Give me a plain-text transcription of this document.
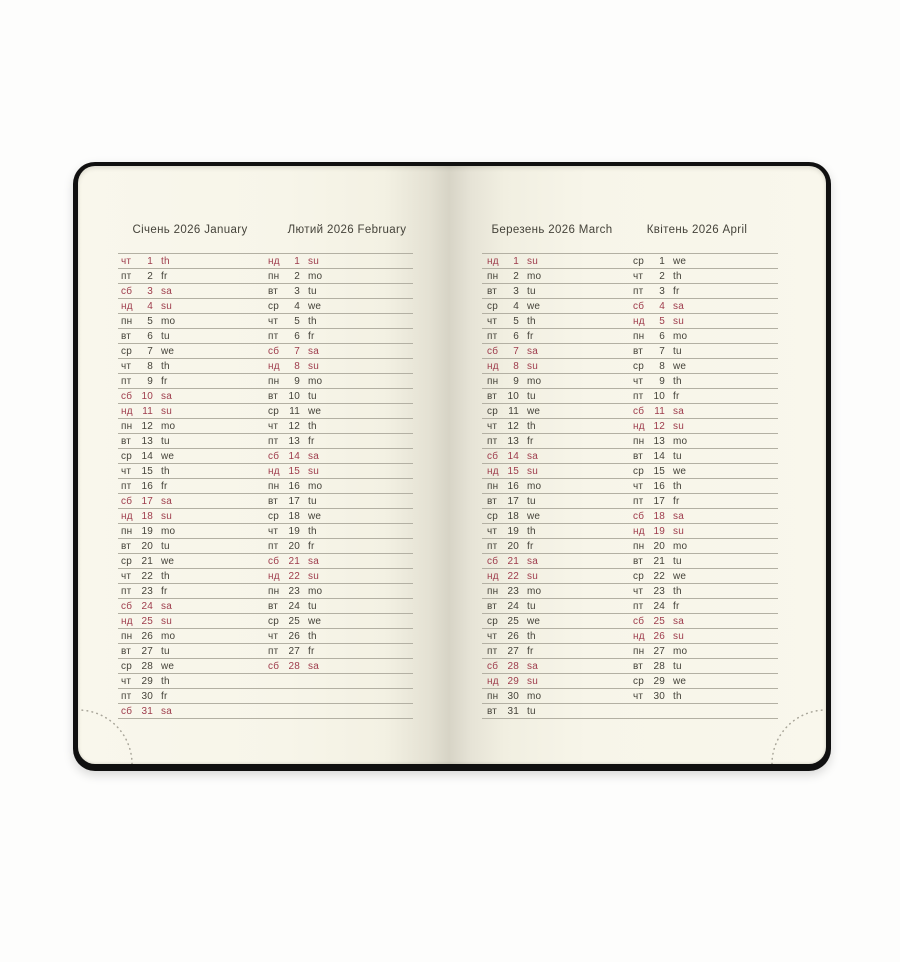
Січень 2026 January	Лютий 2026 February	Березень 2026 March	Квітень 2026 April
чт	1 th	нд	1 su
пт	2 fr	пн	2 mo
сб	3 sa	вт	3 tu
нд	4 su	ср	4 we
пн	5 mo	чт	5 th
вт	6 tu	пт	6 fr
ср	7 we	сб	7 sa
чт	8 th	нд	8 su
пт	9 fr	пн	9 mo
сб 10 sa	вт	10 tu
нд 11 su	ср	11 we
пн 12 mo	чт	12 th
вт	13 tu	пт	13 fr
ср 14 we	сб 14 sa
чт	15 th	нд 15 su
пт	16 fr	пн 16 mo
сб 17 sa	вт	17 tu
нд 18 su	ср 18 we
пн 19 mo	чт	19 th
вт	20 tu	пт	20 fr
ср 21 we	сб 21 sa
чт	22 th	нд 22 su
пт	23 fr	пн 23 mo
сб 24 sa	вт	24 tu
нд 25 su	ср 25 we
пн 26 mo	чт	26 th
вт	27 tu	пт	27 fr
ср 28 we	сб 28 sa
чт	29 th
пт	30 fr
сб 31 sa
нд	1 su	ср	1 we
пн	2 mo	чт	2 th
вт	3 tu	пт	3 fr
ср	4 we	сб	4 sa
чт	5 th	нд	5 su
пт	6 fr	пн	6 mo
сб	7 sa	вт	7 tu
нд	8 su	ср	8 we
пн	9 mo	чт	9 th
вт	10 tu	пт	10 fr
ср	11 we	сб	11 sa
чт	12 th	нд 12 su
пт	13 fr	пн 13 mo
сб 14 sa	вт	14 tu
нд 15 su	ср 15 we
пн 16 mo	чт	16 th
вт	17 tu	пт	17 fr
ср 18 we	сб 18 sa
чт	19 th	нд 19 su
пт	20 fr	пн 20 mo
сб 21 sa	вт	21 tu
нд 22 su	ср 22 we
пн 23 mo	чт	23 th
вт	24 tu	пт	24 fr
ср 25 we	сб 25 sa
чт	26 th	нд 26 su
пт	27 fr	пн 27 mo
сб 28 sa	вт	28 tu
нд 29 su	ср 29 we
пн 30 mo	чт	30 th
вт	31 tu
